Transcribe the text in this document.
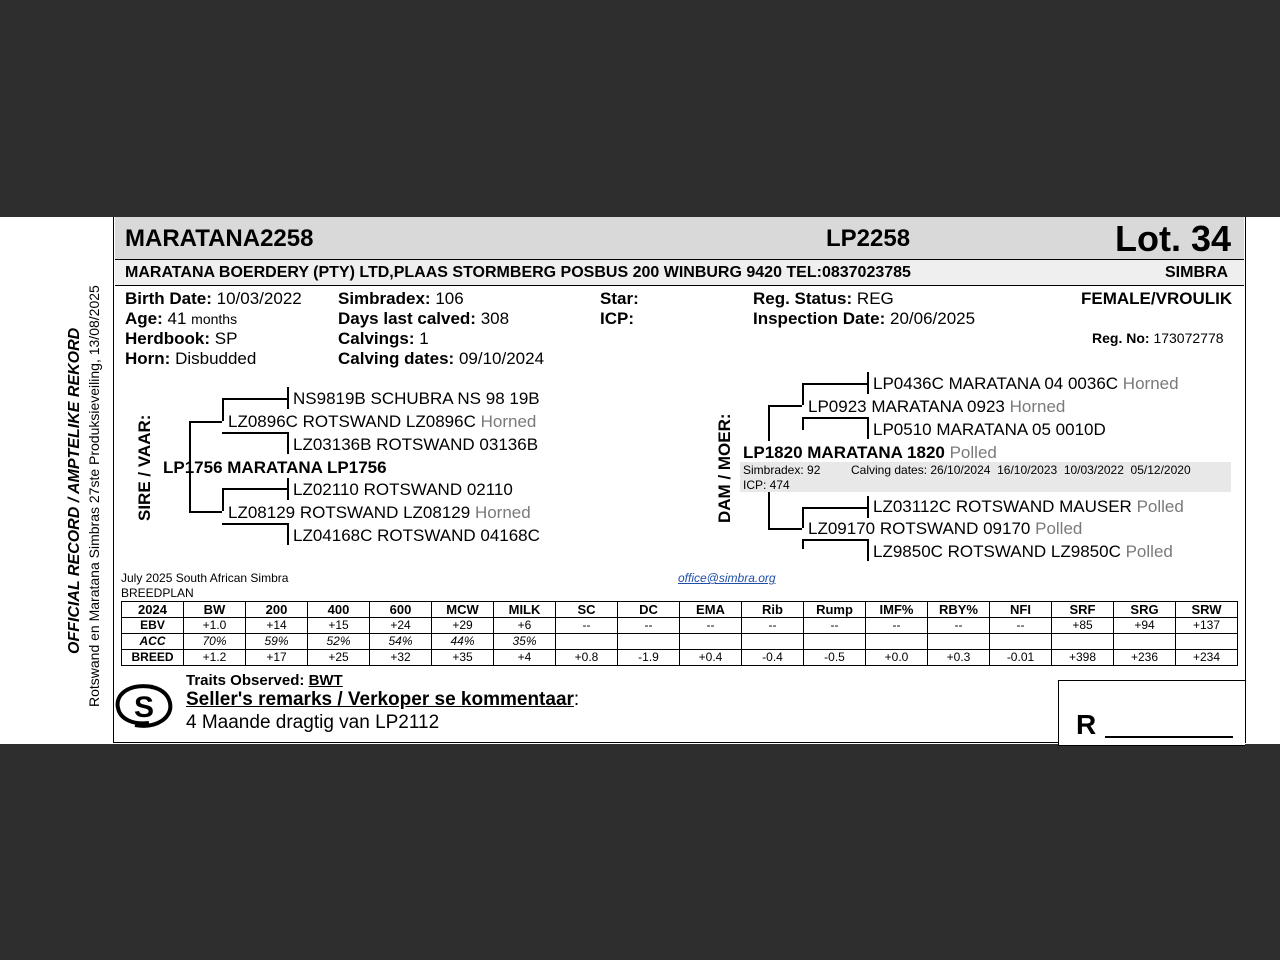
OFFICIAL RECORD / AMPTELIKE REKORD Rotswand en Maratana Simbras 27ste Produksieveiling, 13/08/2025
MARATANA2258	LP2258	Lot. 34
MARATANA BOERDERY (PTY) LTD,PLAAS STORMBERG POSBUS 200 WINBURG 9420 TEL:0837023785	SIMBRA
Birth Date: 10/03/2022
Age: 41 months
Herdbook: SP
Horn: Disbudded
Simbradex: 106
Days last calved: 308
Calvings: 1
Calving dates: 09/10/2024
Star:
ICP:
Reg. Status: REG
Inspection Date: 20/06/2025
FEMALE/VROULIK
Reg. No: 173072778
SIRE / VAAR:
NS9819B SCHUBRA NS 98 19B
LZ0896C ROTSWAND LZ0896C Horned
LZ03136B ROTSWAND 03136B
LP1756 MARATANA LP1756
LZ02110 ROTSWAND 02110
LZ08129 ROTSWAND LZ08129 Horned
LZ04168C ROTSWAND 04168C
DAM / MOER:
LP0436C MARATANA 04 0036C Horned
LP0923 MARATANA 0923 Horned
LP0510 MARATANA 05 0010D
LP1820 MARATANA 1820 Polled
Simbradex: 92	Calving dates: 26/10/2024  16/10/2023  10/03/2022  05/12/2020
ICP: 474
LZ03112C ROTSWAND MAUSER Polled
LZ09170 ROTSWAND 09170 Polled
LZ9850C ROTSWAND LZ9850C Polled
July 2025 South African Simbra
BREEDPLAN
office@simbra.org
2024	BW	200	400	600	MCW	MILK	SC	DC	EMA	Rib	Rump	IMF%	RBY%	NFI	SRF	SRG	SRW
EBV	+1.0	+14	+15	+24	+29	+6	--	--	--	--	--	--	--	--	+85	+94	+137
ACC	70%	59%	52%	54%	44%	35%											
BREED	+1.2	+17	+25	+32	+35	+4	+0.8	-1.9	+0.4	-0.4	-0.5	+0.0	+0.3	-0.01	+398	+236	+234
S
Traits Observed: BWT
Seller's remarks / Verkoper se kommentaar:
4 Maande dragtig van LP2112	R
